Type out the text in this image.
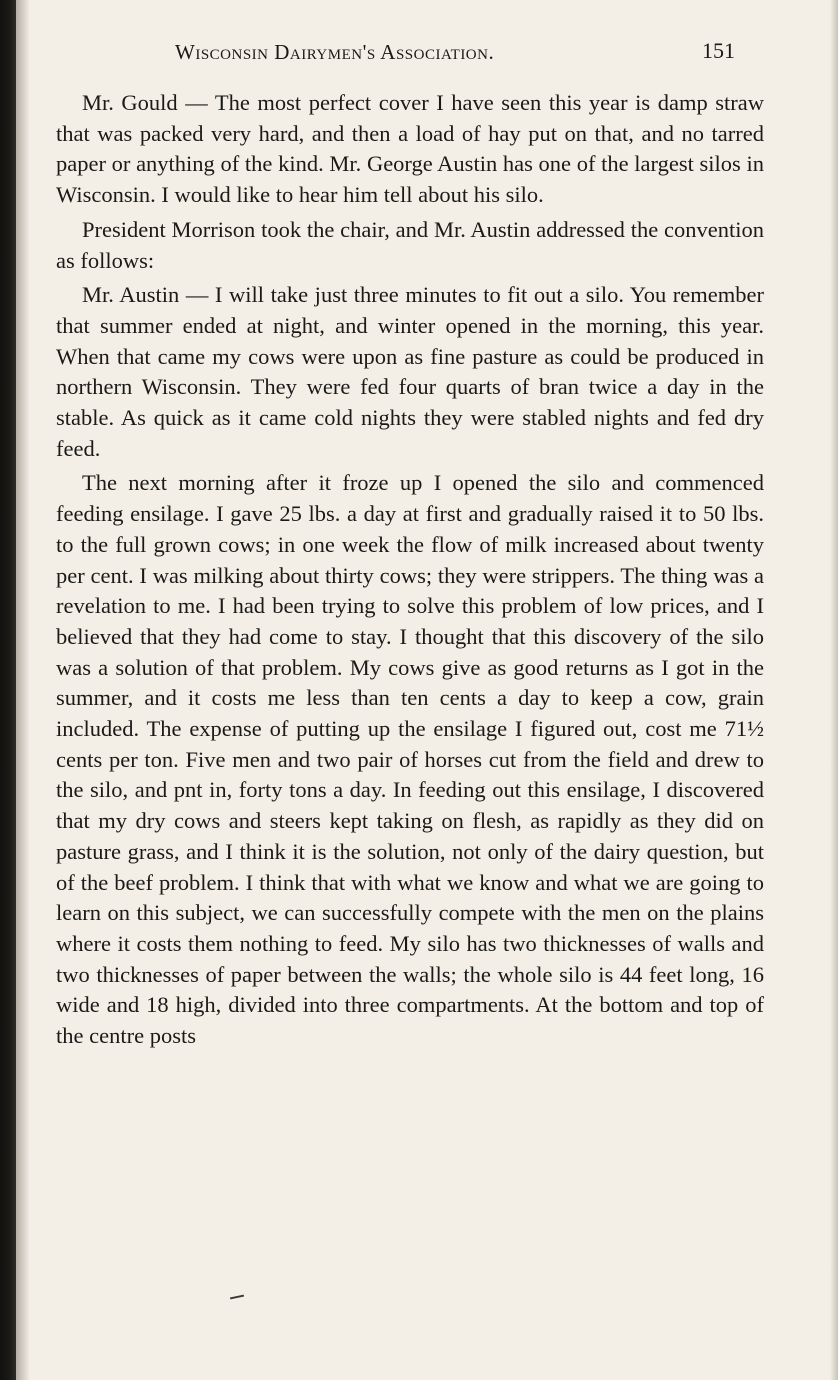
Wisconsin Dairymen's Association.	151

Mr. Gould — The most perfect cover I have seen this year is damp straw that was packed very hard, and then a load of hay put on that, and no tarred paper or anything of the kind. Mr. George Austin has one of the largest silos in Wisconsin. I would like to hear him tell about his silo.

President Morrison took the chair, and Mr. Austin addressed the convention as follows:

Mr. Austin — I will take just three minutes to fit out a silo. You remember that summer ended at night, and winter opened in the morning, this year. When that came my cows were upon as fine pasture as could be produced in northern Wisconsin. They were fed four quarts of bran twice a day in the stable. As quick as it came cold nights they were stabled nights and fed dry feed.

The next morning after it froze up I opened the silo and commenced feeding ensilage. I gave 25 lbs. a day at first and gradually raised it to 50 lbs. to the full grown cows; in one week the flow of milk increased about twenty per cent. I was milking about thirty cows; they were strippers. The thing was a revelation to me. I had been trying to solve this problem of low prices, and I believed that they had come to stay. I thought that this discovery of the silo was a solution of that problem. My cows give as good returns as I got in the summer, and it costs me less than ten cents a day to keep a cow, grain included. The expense of putting up the ensilage I figured out, cost me 71½ cents per ton. Five men and two pair of horses cut from the field and drew to the silo, and pnt in, forty tons a day. In feeding out this ensilage, I discovered that my dry cows and steers kept taking on flesh, as rapidly as they did on pasture grass, and I think it is the solution, not only of the dairy question, but of the beef problem. I think that with what we know and what we are going to learn on this subject, we can successfully compete with the men on the plains where it costs them nothing to feed. My silo has two thicknesses of walls and two thicknesses of paper between the walls; the whole silo is 44 feet long, 16 wide and 18 high, divided into three compartments. At the bottom and top of the centre posts
